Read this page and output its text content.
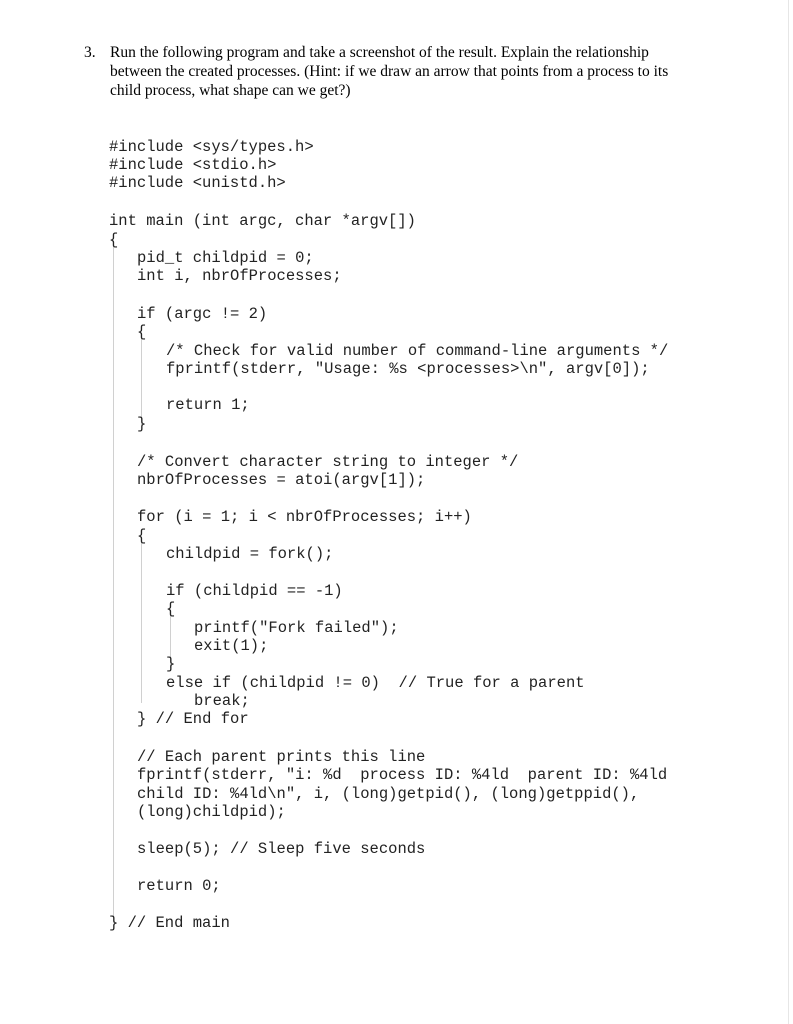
3. Run the following program and take a screenshot of the result. Explain the relationship
between the created processes. (Hint: if we draw an arrow that points from a process to its
child process, what shape can we get?)
#include <sys/types.h>
#include <stdio.h>
#include <unistd.h>
int main (int argc, char *argv[])
{
pid_t childpid = 0;
int i, nbrOfProcesses;
if (argc != 2)
{
/* Check for valid number of command-line arguments */
fprintf(stderr, "Usage: %s <processes>\n", argv[0]);
return 1;
}
/* Convert character string to integer */
nbrOfProcesses = atoi(argv[1]);
for (i = 1; i < nbrOfProcesses; i++)
{
childpid = fork();
if (childpid == -1)
{
printf("Fork failed");
exit(1);
}
else if (childpid != 0)  // True for a parent
break;
} // End for
// Each parent prints this line
fprintf(stderr, "i: %d  process ID: %4ld  parent ID: %4ld
child ID: %4ld\n", i, (long)getpid(), (long)getppid(),
(long)childpid);
sleep(5); // Sleep five seconds
return 0;
} // End main
